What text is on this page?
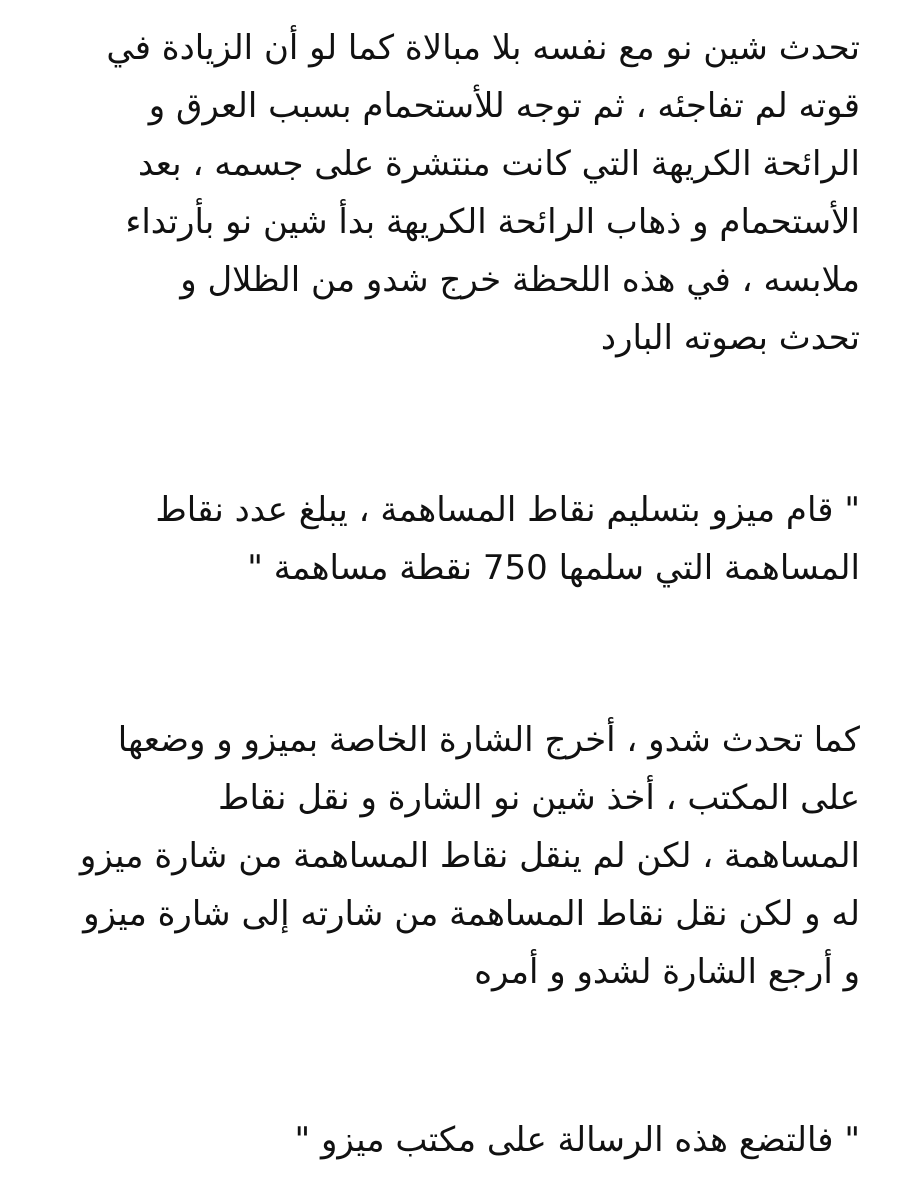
تحدث شين نو مع نفسه بلا مبالاة كما لو أن الزيادة في
قوته لم تفاجئه ، ثم توجه للأستحمام بسبب العرق و
الرائحة الكريهة التي كانت منتشرة على جسمه ، بعد
الأستحمام و ذهاب الرائحة الكريهة بدأ شين نو بأرتداء
ملابسه ، في هذه اللحظة خرج شدو من الظلال و
تحدث بصوته البارد

" قام ميزو بتسليم نقاط المساهمة ، يبلغ عدد نقاط
المساهمة التي سلمها 750 نقطة مساهمة "

كما تحدث شدو ، أخرج الشارة الخاصة بميزو و وضعها
على المكتب ، أخذ شين نو الشارة و نقل نقاط
المساهمة ، لكن لم ينقل نقاط المساهمة من شارة ميزو
له و لكن نقل نقاط المساهمة من شارته إلى شارة ميزو
و أرجع الشارة لشدو و أمره

" فالتضع هذه الرسالة على مكتب ميزو "
